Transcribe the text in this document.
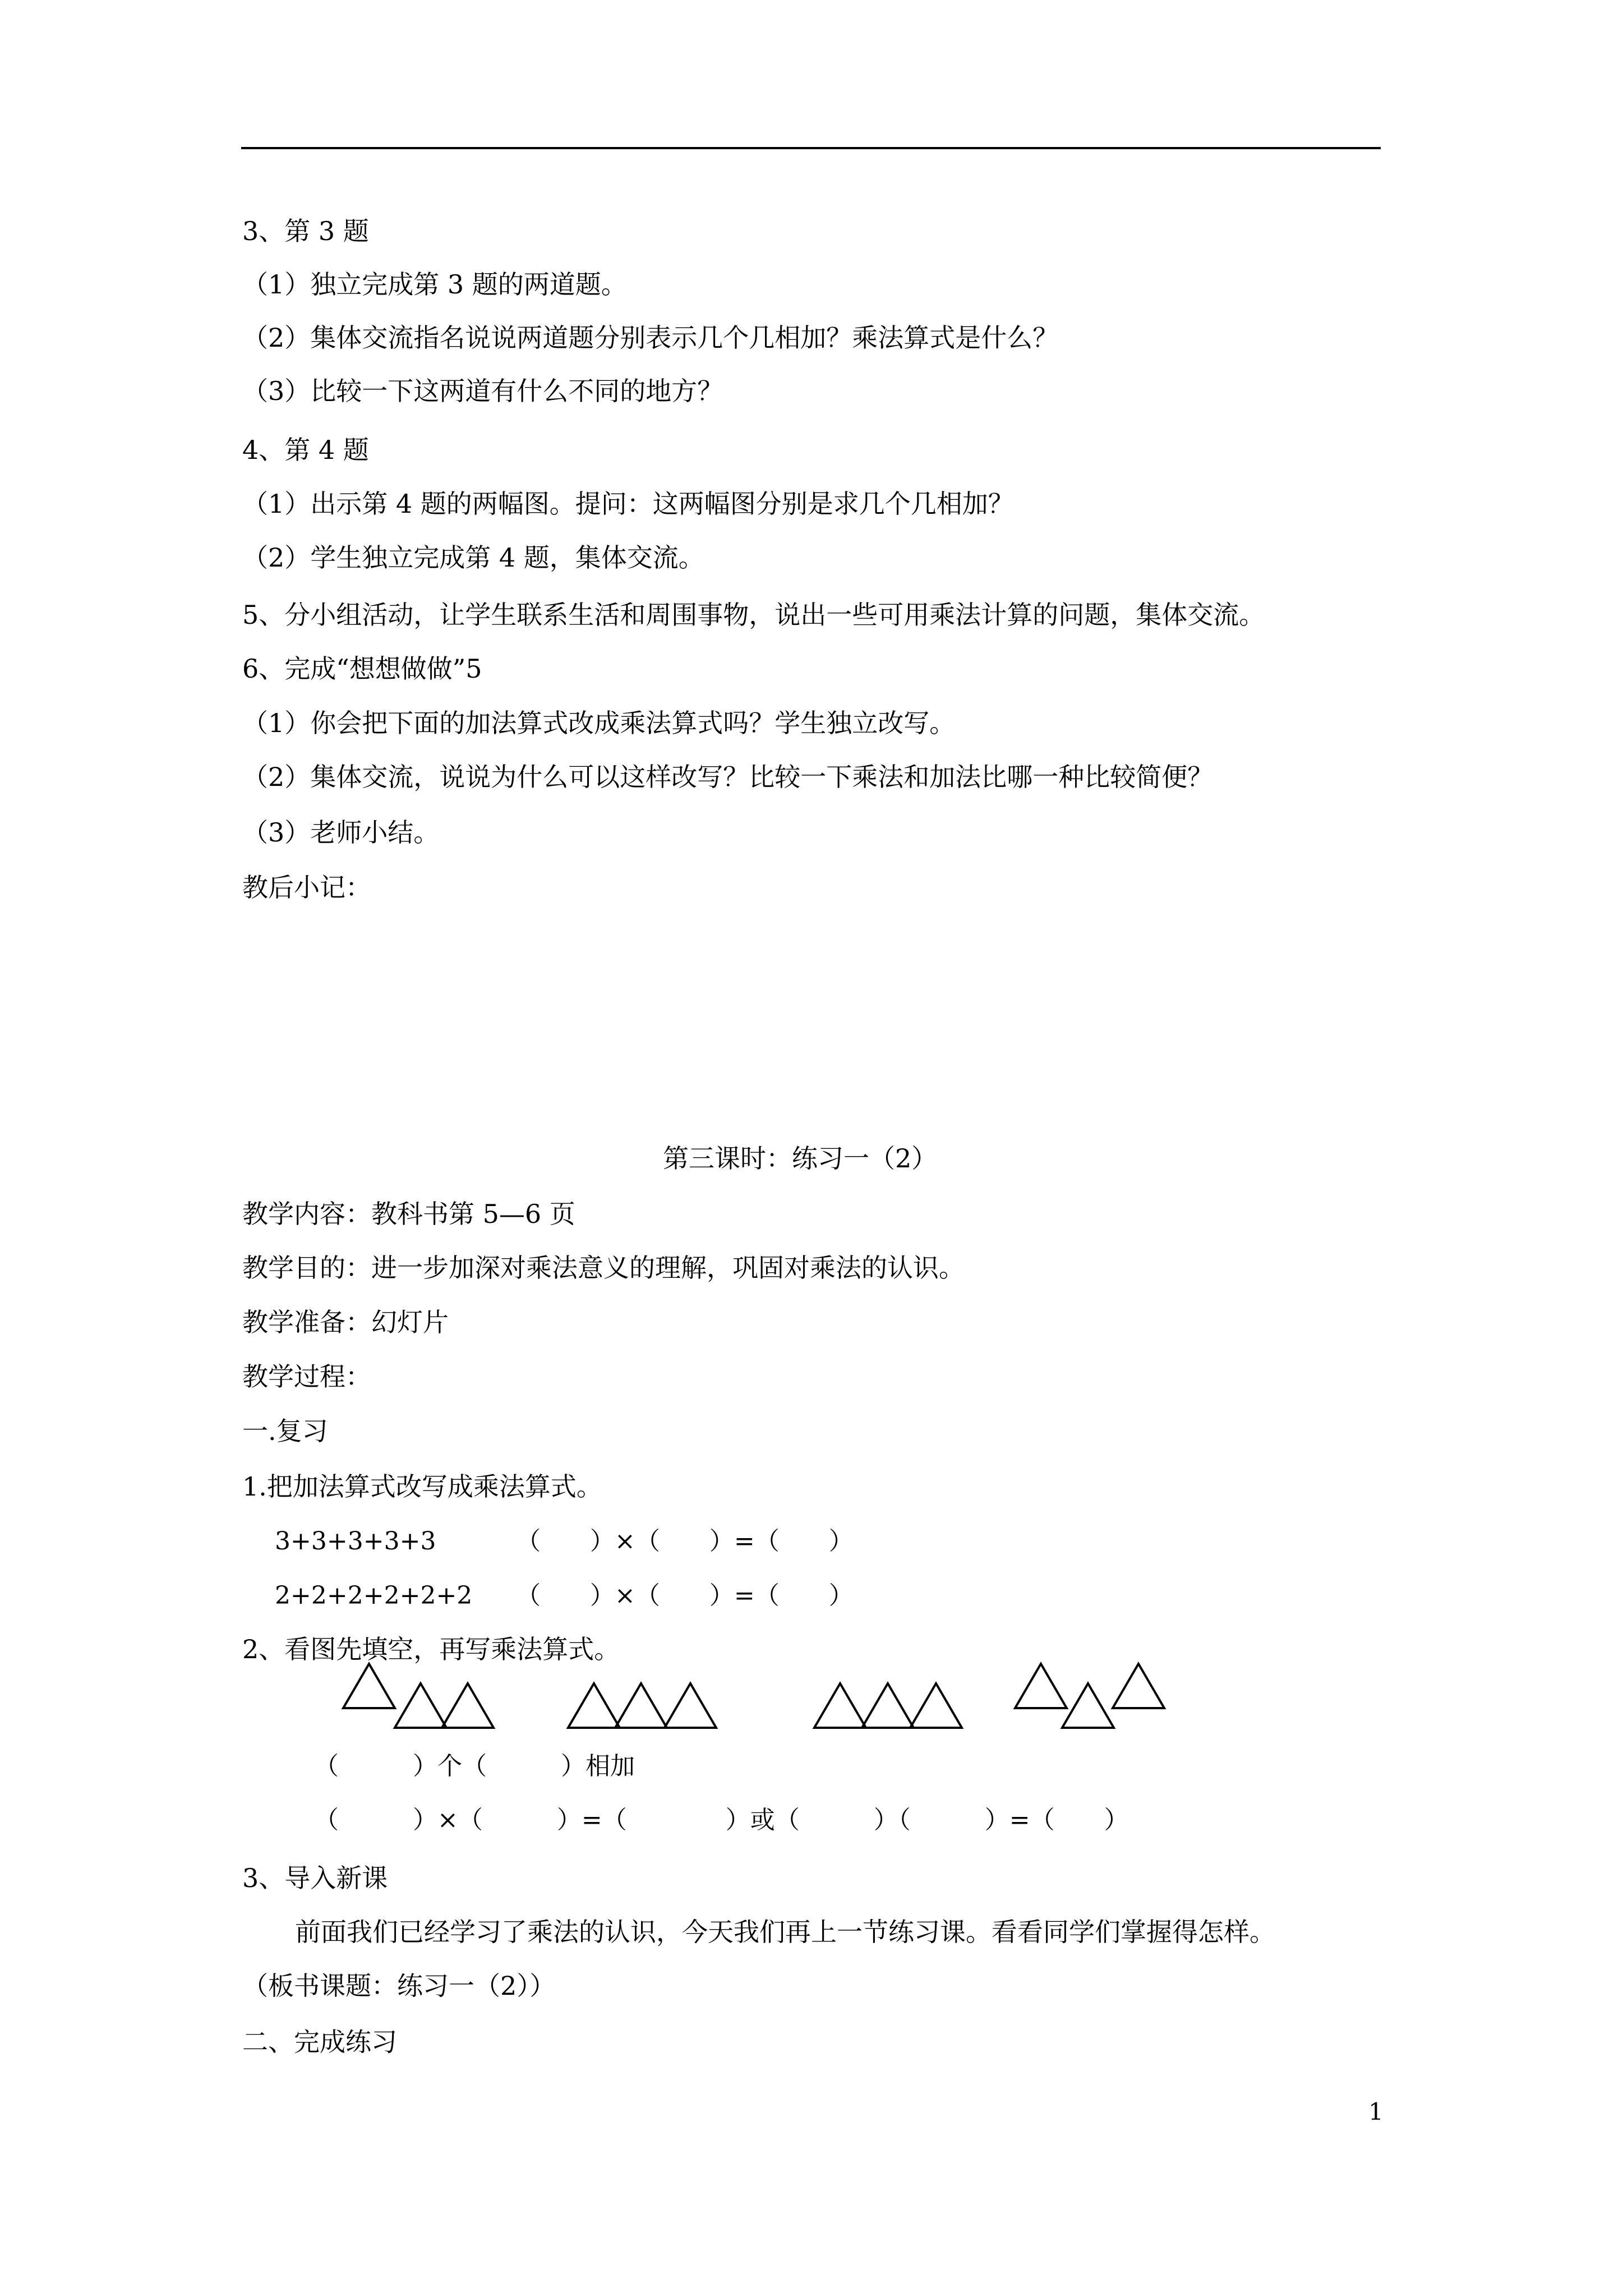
3、第 3 题
（1）独立完成第 3 题的两道题。
（2）集体交流指名说说两道题分别表示几个几相加？乘法算式是什么？
（3）比较一下这两道有什么不同的地方？
4、第 4 题
（1）出示第 4 题的两幅图。提问：这两幅图分别是求几个几相加？
（2）学生独立完成第 4 题，集体交流。
5、分小组活动，让学生联系生活和周围事物，说出一些可用乘法计算的问题，集体交流。
6、完成“想想做做”5
（1）你会把下面的加法算式改成乘法算式吗？学生独立改写。
（2）集体交流，说说为什么可以这样改写？比较一下乘法和加法比哪一种比较简便？
（3）老师小结。
教后小记：
第三课时：练习一（2）
教学内容：教科书第 5—6 页
教学目的：进一步加深对乘法意义的理解，巩固对乘法的认识。
教学准备：幻灯片
教学过程：
一.复习
1.把加法算式改写成乘法算式。
3+3+3+3+3	（　　）×（　　）=（　　）
2+2+2+2+2+2 （　　）×（　　）=（　　）
2、看图先填空，再写乘法算式。
（　　　）个（　　　）相加
（　　　）×（　　　）=（　　　　）或（　　　）（　　　）=（　　）
3、导入新课
前面我们已经学习了乘法的认识，今天我们再上一节练习课。看看同学们掌握得怎样。
（板书课题：练习一（2））
二、完成练习
1
